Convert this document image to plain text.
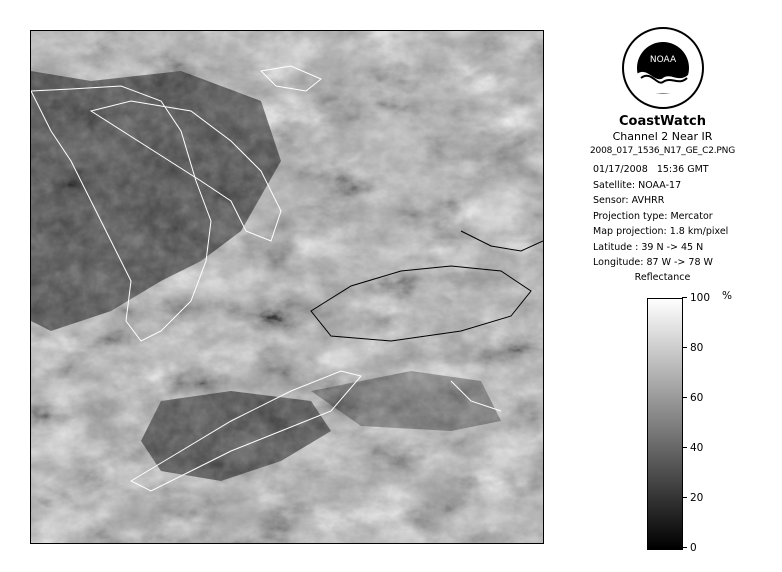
NOAA
CoastWatch
Channel 2 Near IR
2008_017_1536_N17_GE_C2.PNG
01/17/2008 15:36 GMT
Satellite: NOAA-17
Sensor: AVHRR
Projection type: Mercator
Map projection: 1.8 km/pixel
Latitude : 39 N -> 45 N
Longitude: 87 W -> 78 W
Reflectance
%
100
80
60
40
20
0
